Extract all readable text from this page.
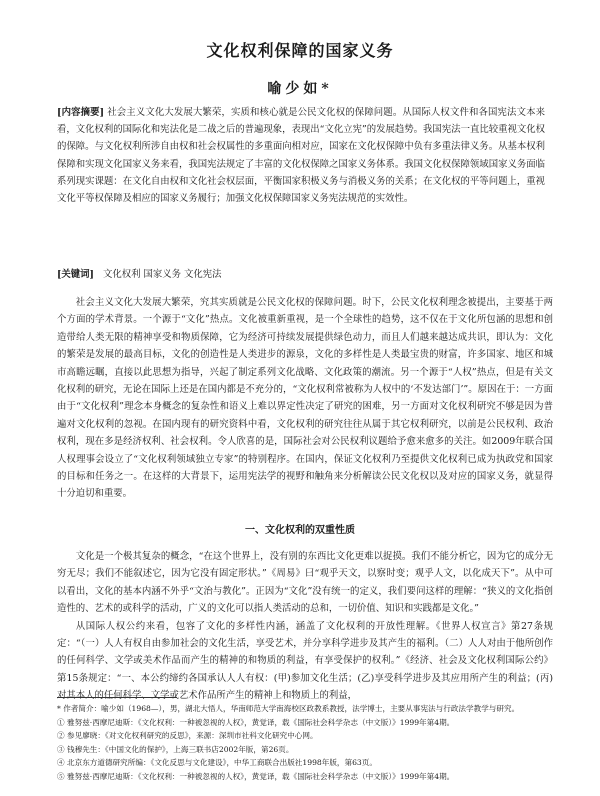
文化权利保障的国家义务
喻少如*
[内容摘要] 社会主义文化大发展大繁荣，实质和核心就是公民文化权的保障问题。从国际人权文件和各国宪法文本来看，文化权利的国际化和宪法化是二战之后的普遍现象，表现出“文化立宪”的发展趋势。我国宪法一直比较重视文化权的保障。与文化权利所涉自由权和社会权属性的多重面向相对应，国家在文化权保障中负有多重法律义务。从基本权利保障和实现文化国家义务来看，我国宪法规定了丰富的文化权保障之国家义务体系。我国文化权保障领域国家义务面临系列现实课题：在文化自由权和文化社会权层面，平衡国家积极义务与消极义务的关系；在文化权的平等问题上，重视文化平等权保障及相应的国家义务履行；加强文化权保障国家义务宪法规范的实效性。
[关键词] 文化权利 国家义务 文化宪法
社会主义文化大发展大繁荣，究其实质就是公民文化权的保障问题。时下，公民文化权利理念被提出，主要基于两个方面的学术背景。一个源于“文化”热点。文化被重新重视，是一个全球性的趋势，这不仅在于文化所包涵的思想和创造带给人类无限的精神享受和物质保障，它为经济可持续发展提供绿色动力，而且人们越来越达成共识，即认为：文化的繁荣是发展的最高目标，文化的创造性是人类进步的源泉，文化的多样性是人类最宝贵的财富，许多国家、地区和城市高瞻远瞩，直接以此思想为指导，兴起了制定系列文化战略、文化政策的潮流。另一个源于“人权”热点，但是有关文化权利的研究，无论在国际上还是在国内都是不充分的，“文化权利常被称为人权中的‘不发达部门’”。原因在于：一方面由于“文化权利”理念本身概念的复杂性和语义上难以界定性决定了研究的困难，另一方面对文化权利研究不够是因为普遍对文化权利的忽视。在国内现有的研究资料中看，文化权利的研究往往从属于其它权利研究，以前是公民权利、政治权利，现在多是经济权利、社会权利。令人欣喜的是，国际社会对公民权利议题给予愈来愈多的关注。如2009年联合国人权理事会设立了“文化权利领域独立专家”的特别程序。在国内，保证文化权利乃至提供文化权利已成为执政党和国家的目标和任务之一。在这样的大背景下，运用宪法学的视野和触角来分析解读公民文化权以及对应的国家义务，就显得十分迫切和重要。
一、文化权利的双重性质

文化是一个极其复杂的概念，“在这个世界上，没有别的东西比文化更难以捉摸。我们不能分析它，因为它的成分无穷无尽；我们不能叙述它，因为它没有固定形状。”《周易》曰“观乎天文，以察时变；观乎人文，以化成天下”。从中可以看出，文化的基本内涵不外乎“文治与教化”。正因为“文化”没有统一的定义，我们要问这样的理解：“狭义的文化指创造性的、艺术的或科学的活动，广义的文化可以指人类活动的总和，一切价值、知识和实践都是文化。”

从国际人权公约来看，包容了文化的多样性内涵，涵盖了文化权利的开放性理解。《世界人权宣言》第27条规定：“（一）人人有权自由参加社会的文化生活，享受艺术，并分享科学进步及其产生的福利。（二）人人对由于他所创作的任何科学、文学或美术作品而产生的精神的和物质的利益，有享受保护的权利。”《经济、社会及文化权利国际公约》第15条规定：“一、本公约缔约各国承认人人有权：(甲)参加文化生活；(乙)享受科学进步及其应用所产生的利益；(丙)对其本人的任何科学、文学或艺术作品所产生的精神上和物质上的利益，

* 作者简介：喻少如（1968—），男，湖北大悟人，华南师范大学南海校区政教系教授，法学博士，主要从事宪法与行政法学教学与研究。
① 雅努兹·西摩尼迪斯：《文化权利：一种被忽视的人权》，黄觉译，载《国际社会科学杂志（中文版）》1999年第4期。
② 参见廖晓：《对文化权利研究的反思》，来源：深圳市社科文化研究中心网。
③ 钱穆先生：《中国文化的保护》，上海三联书店2002年版，第26页。
④ 北京东方道德研究所编：《文化反思与文化建设》，中华工商联合出版社1998年版，第63页。
⑤ 雅努兹·西摩尼迪斯：《文化权利：一种被忽视的人权》，黄觉译，载《国际社会科学杂志（中文版）》1999年第4期。
